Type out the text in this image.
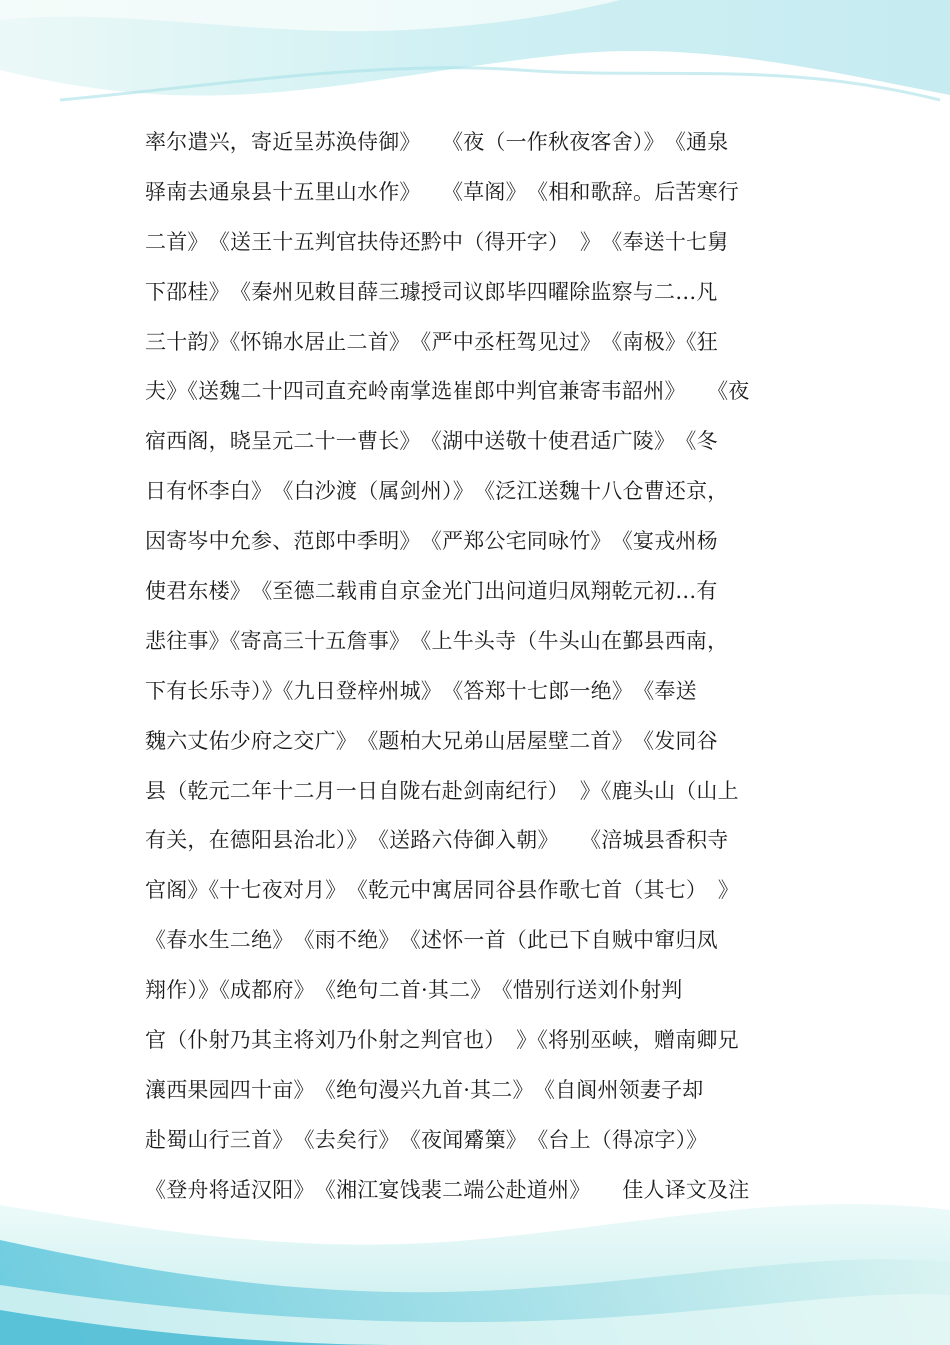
率尔遣兴，寄近呈苏涣侍御》　　《夜（一作秋夜客舍）》　《通泉
驿南去通泉县十五里山水作》　　《草阁》　《相和歌辞。后苦寒行
二首》　《送王十五判官扶侍还黔中（得开字）　》　《奉送十七舅
下邵桂》　《秦州见敕目薛三璩授司议郎毕四曜除监察与二…凡
三十韵》《怀锦水居止二首》　《严中丞枉驾见过》　《南极》《狂
夫》《送魏二十四司直充岭南掌选崔郎中判官兼寄韦韶州》　　《夜
宿西阁，晓呈元二十一曹长》　《湖中送敬十使君适广陵》　《冬
日有怀李白》　《白沙渡（属剑州）》　《泛江送魏十八仓曹还京，
因寄岑中允参、范郎中季明》　《严郑公宅同咏竹》　《宴戎州杨
使君东楼》　《至德二载甫自京金光门出问道归凤翔乾元初…有
悲往事》《寄高三十五詹事》　《上牛头寺（牛头山在鄞县西南，
下有长乐寺）》《九日登梓州城》　《答郑十七郎一绝》　《奉送
魏六丈佑少府之交广》　《题柏大兄弟山居屋壁二首》　《发同谷
县（乾元二年十二月一日自陇右赴剑南纪行）　》《鹿头山（山上
有关，在德阳县治北）》　《送路六侍御入朝》　　《涪城县香积寺
官阁》《十七夜对月》　《乾元中寓居同谷县作歌七首（其七）　》
《春水生二绝》　《雨不绝》　《述怀一首（此已下自贼中窜归凤
翔作）》《成都府》　《绝句二首·其二》　《惜别行送刘仆射判
官（仆射乃其主将刘乃仆射之判官也）　》《将别巫峡，赠南卿兄
瀼西果园四十亩》　《绝句漫兴九首·其二》　《自阆州领妻子却
赴蜀山行三首》　《去矣行》　《夜闻觱篥》　《台上（得凉字）》
《登舟将适汉阳》　《湘江宴饯裴二端公赴道州》　　佳人译文及注
